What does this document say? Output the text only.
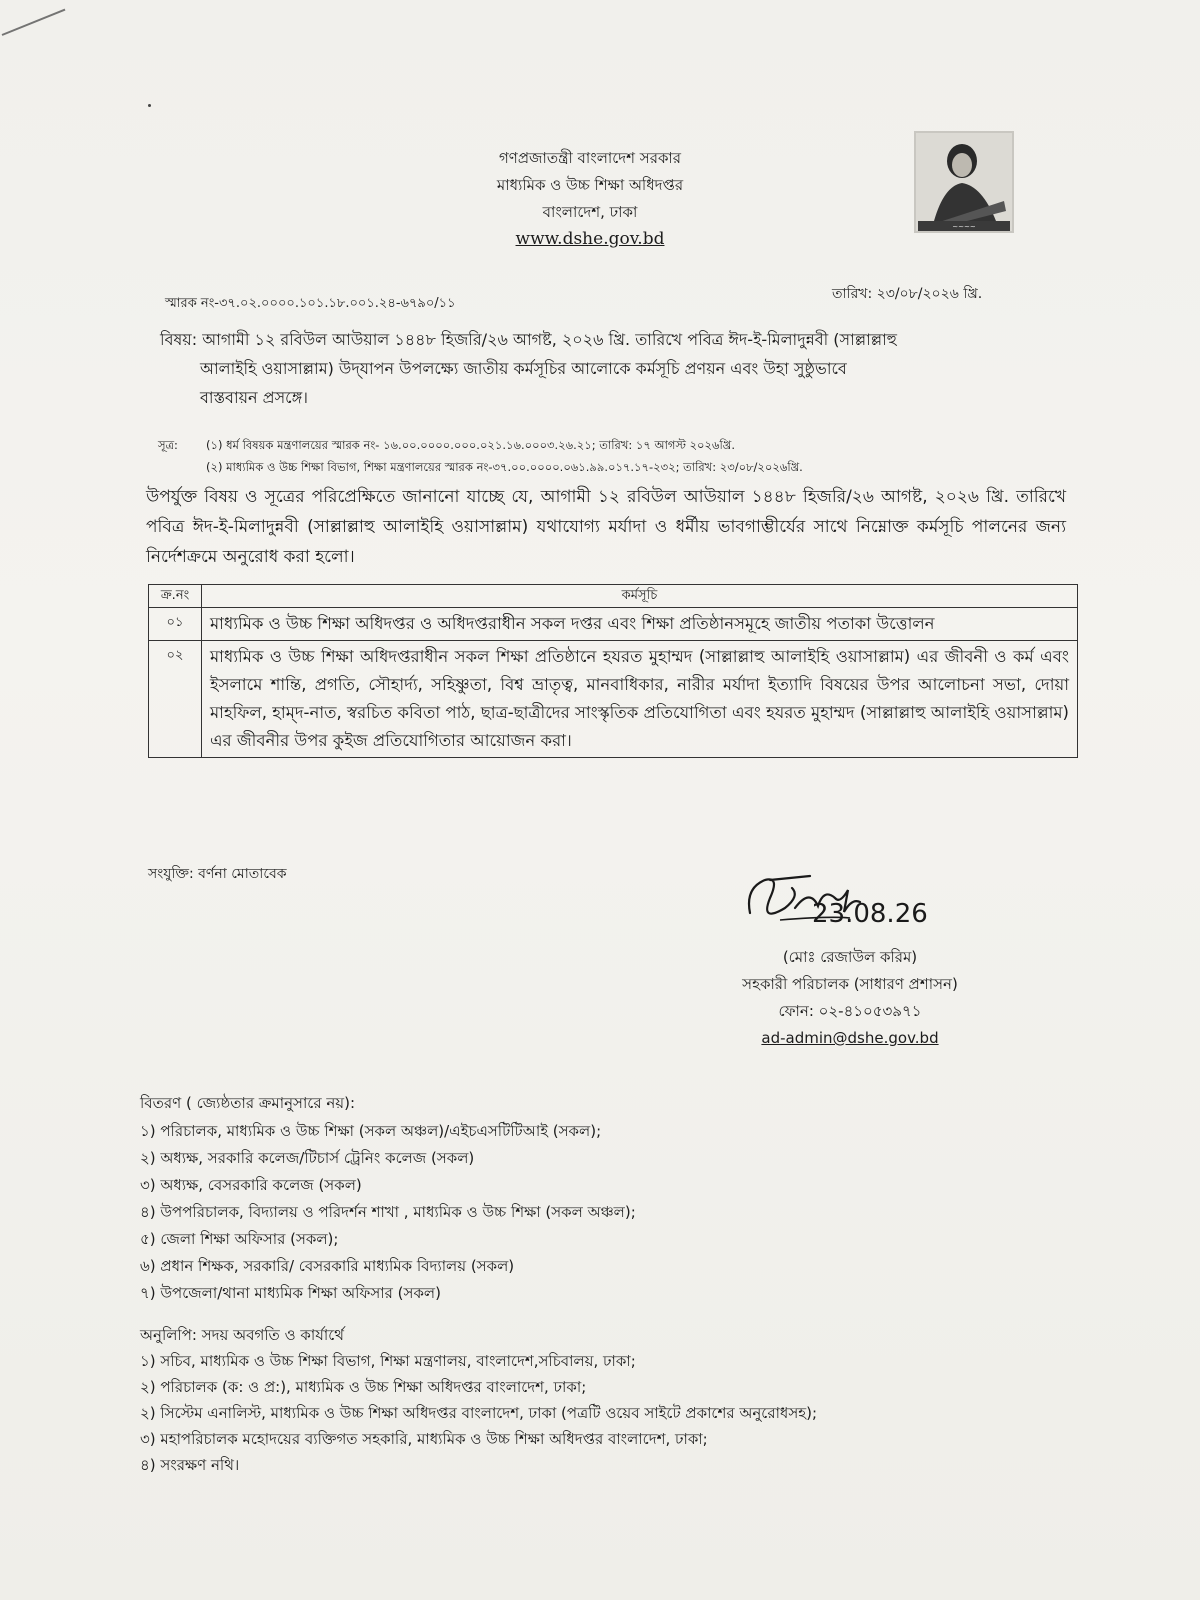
গণপ্রজাতন্ত্রী বাংলাদেশ সরকার
মাধ্যমিক ও উচ্চ শিক্ষা অধিদপ্তর
বাংলাদেশ, ঢাকা
www.dshe.gov.bd
~~~~
তারিখ: ২৩/০৮/২০২৬ খ্রি.
স্মারক নং-৩৭.০২.০০০০.১০১.১৮.০০১.২৪-৬৭৯০/১১
বিষয়: আগামী ১২ রবিউল আউয়াল ১৪৪৮ হিজরি/২৬ আগষ্ট, ২০২৬ খ্রি. তারিখে পবিত্র ঈদ-ই-মিলাদুন্নবী (সাল্লাল্লাহু
আলাইহি ওয়াসাল্লাম) উদ্‌যাপন উপলক্ষ্যে জাতীয় কর্মসূচির আলোকে কর্মসূচি প্রণয়ন এবং উহা সুষ্ঠুভাবে
বাস্তবায়ন প্রসঙ্গে।
সূত্র:	(১) ধর্ম বিষয়ক মন্ত্রণালয়ের স্মারক নং- ১৬.০০.০০০০.০০০.০২১.১৬.০০০৩.২৬.২১; তারিখ: ১৭ আগস্ট ২০২৬খ্রি.
(২) মাধ্যমিক ও উচ্চ শিক্ষা বিভাগ, শিক্ষা মন্ত্রণালয়ের স্মারক নং-৩৭.০০.০০০০.০৬১.৯৯.০১৭.১৭-২৩২; তারিখ: ২৩/০৮/২০২৬খ্রি.
উপর্যুক্ত বিষয় ও সূত্রের পরিপ্রেক্ষিতে জানানো যাচ্ছে যে, আগামী ১২ রবিউল আউয়াল ১৪৪৮ হিজরি/২৬ আগষ্ট, ২০২৬ খ্রি. তারিখে পবিত্র ঈদ-ই-মিলাদুন্নবী (সাল্লাল্লাহু আলাইহি ওয়াসাল্লাম) যথাযোগ্য মর্যাদা ও ধর্মীয় ভাবগাম্ভীর্যের সাথে নিম্নোক্ত কর্মসূচি পালনের জন্য নির্দেশক্রমে অনুরোধ করা হলো।
ক্র.নং	কর্মসূচি
০১	মাধ্যমিক ও উচ্চ শিক্ষা অধিদপ্তর ও অধিদপ্তরাধীন সকল দপ্তর এবং শিক্ষা প্রতিষ্ঠানসমূহে জাতীয় পতাকা উত্তোলন
০২	মাধ্যমিক ও উচ্চ শিক্ষা অধিদপ্তরাধীন সকল শিক্ষা প্রতিষ্ঠানে হযরত মুহাম্মদ (সাল্লাল্লাহু আলাইহি ওয়াসাল্লাম) এর জীবনী ও কর্ম এবং ইসলামে শান্তি, প্রগতি, সৌহার্দ্য, সহিষ্ণুতা, বিশ্ব ভ্রাতৃত্ব, মানবাধিকার, নারীর মর্যাদা ইত্যাদি বিষয়ের উপর আলোচনা সভা, দোয়া মাহফিল, হাম্‌দ-নাত, স্বরচিত কবিতা পাঠ, ছাত্র-ছাত্রীদের সাংস্কৃতিক প্রতিযোগিতা এবং হযরত মুহাম্মদ (সাল্লাল্লাহু আলাইহি ওয়াসাল্লাম) এর জীবনীর উপর কুইজ প্রতিযোগিতার আয়োজন করা।
সংযুক্তি: বর্ণনা মোতাবেক
23.08.26
(মোঃ রেজাউল করিম)
সহকারী পরিচালক (সাধারণ প্রশাসন)
ফোন: ০২-৪১০৫৩৯৭১
ad-admin@dshe.gov.bd
বিতরণ ( জ্যেষ্ঠতার ক্রমানুসারে নয়):
১) পরিচালক, মাধ্যমিক ও উচ্চ শিক্ষা (সকল অঞ্চল)/এইচএসটিটিআই (সকল);
২) অধ্যক্ষ, সরকারি কলেজ/টিচার্স ট্রেনিং কলেজ (সকল)
৩) অধ্যক্ষ, বেসরকারি কলেজ (সকল)
৪) উপপরিচালক, বিদ্যালয় ও পরিদর্শন শাখা , মাধ্যমিক ও উচ্চ শিক্ষা (সকল অঞ্চল);
৫) জেলা শিক্ষা অফিসার (সকল);
৬) প্রধান শিক্ষক, সরকারি/ বেসরকারি মাধ্যমিক বিদ্যালয় (সকল)
৭) উপজেলা/থানা মাধ্যমিক শিক্ষা অফিসার (সকল)
অনুলিপি: সদয় অবগতি ও কার্যার্থে
১) সচিব, মাধ্যমিক ও উচ্চ শিক্ষা বিভাগ, শিক্ষা মন্ত্রণালয়, বাংলাদেশ,সচিবালয়, ঢাকা;
২) পরিচালক (ক: ও প্র:), মাধ্যমিক ও উচ্চ শিক্ষা অধিদপ্তর বাংলাদেশ, ঢাকা;
২) সিস্টেম এনালিস্ট, মাধ্যমিক ও উচ্চ শিক্ষা অধিদপ্তর বাংলাদেশ, ঢাকা (পত্রটি ওয়েব সাইটে প্রকাশের অনুরোধসহ);
৩) মহাপরিচালক মহোদয়ের ব্যক্তিগত সহকারি, মাধ্যমিক ও উচ্চ শিক্ষা অধিদপ্তর বাংলাদেশ, ঢাকা;
৪) সংরক্ষণ নথি।
